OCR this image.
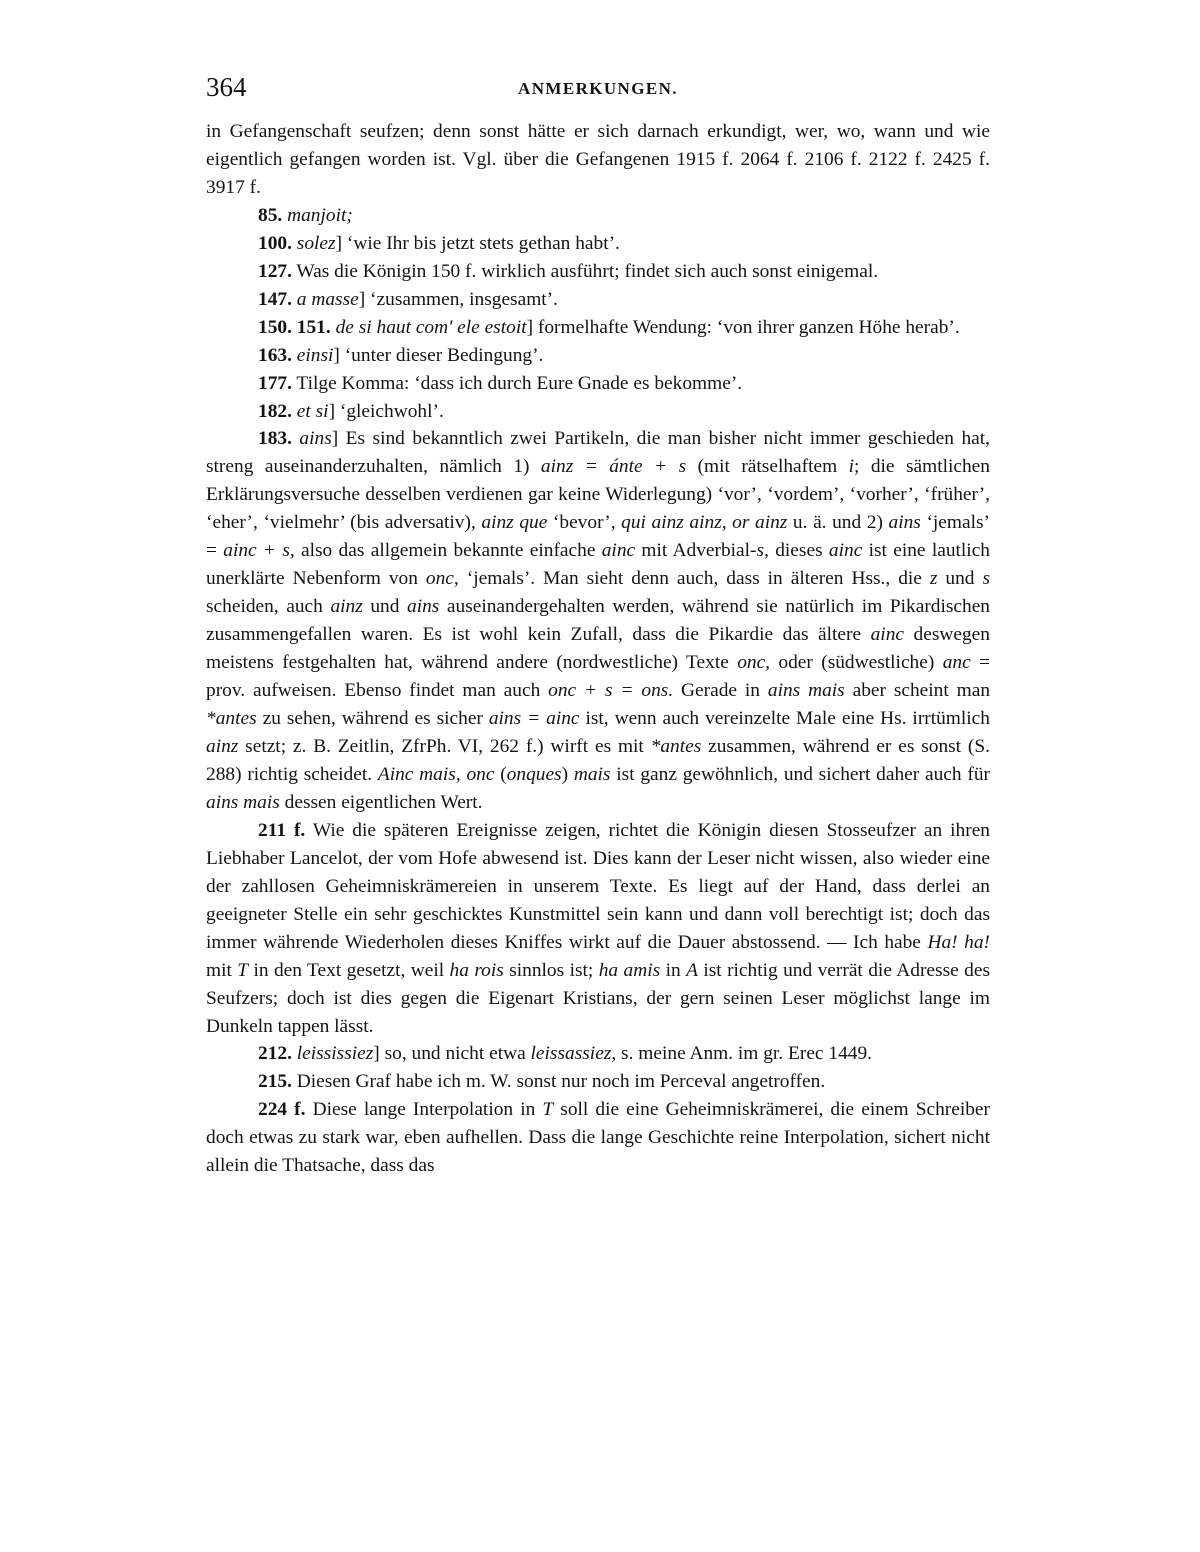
364	ANMERKUNGEN.

in Gefangenschaft seufzen; denn sonst hätte er sich darnach erkundigt, wer, wo, wann und wie eigentlich gefangen worden ist. Vgl. über die Gefangenen 1915 f. 2064 f. 2106 f. 2122 f. 2425 f. 3917 f.

85. manjoit;

100. solez] ‘wie Ihr bis jetzt stets gethan habt’.

127. Was die Königin 150 f. wirklich ausführt; findet sich auch sonst einigemal.

147. a masse] ‘zusammen, insgesamt’.

150. 151. de si haut com' ele estoit] formelhafte Wendung: ‘von ihrer ganzen Höhe herab’.

163. einsi] ‘unter dieser Bedingung’.

177. Tilge Komma: ‘dass ich durch Eure Gnade es bekomme’.

182. et si] ‘gleichwohl’.

183. ains] Es sind bekanntlich zwei Partikeln, die man bisher nicht immer geschieden hat, streng auseinanderzuhalten, nämlich 1) ainz = ánte + s (mit rätselhaftem i; die sämtlichen Erklärungsversuche desselben verdienen gar keine Widerlegung) ‘vor’, ‘vordem’, ‘vorher’, ‘früher’, ‘eher’, ‘vielmehr’ (bis adversativ), ainz que ‘bevor’, qui ainz ainz, or ainz u. ä. und 2) ains ‘jemals’ = ainc + s, also das allgemein bekannte einfache ainc mit Adverbial-s, dieses ainc ist eine lautlich unerklärte Nebenform von onc, ‘jemals’. Man sieht denn auch, dass in älteren Hss., die z und s scheiden, auch ainz und ains auseinandergehalten werden, während sie natürlich im Pikardischen zusammengefallen waren. Es ist wohl kein Zufall, dass die Pikardie das ältere ainc deswegen meistens festgehalten hat, während andere (nordwestliche) Texte onc, oder (südwestliche) anc = prov. aufweisen. Ebenso findet man auch onc + s = ons. Gerade in ains mais aber scheint man *antes zu sehen, während es sicher ains = ainc ist, wenn auch vereinzelte Male eine Hs. irrtümlich ainz setzt; z. B. Zeitlin, ZfrPh. VI, 262 f.) wirft es mit *antes zusammen, während er es sonst (S. 288) richtig scheidet. Ainc mais, onc (onques) mais ist ganz gewöhnlich, und sichert daher auch für ains mais dessen eigentlichen Wert.

211 f. Wie die späteren Ereignisse zeigen, richtet die Königin diesen Stosseufzer an ihren Liebhaber Lancelot, der vom Hofe abwesend ist. Dies kann der Leser nicht wissen, also wieder eine der zahllosen Geheimniskrämereien in unserem Texte. Es liegt auf der Hand, dass derlei an geeigneter Stelle ein sehr geschicktes Kunstmittel sein kann und dann voll berechtigt ist; doch das immer währende Wiederholen dieses Kniffes wirkt auf die Dauer abstossend. — Ich habe Ha! ha! mit T in den Text gesetzt, weil ha rois sinnlos ist; ha amis in A ist richtig und verrät die Adresse des Seufzers; doch ist dies gegen die Eigenart Kristians, der gern seinen Leser möglichst lange im Dunkeln tappen lässt.

212. leississiez] so, und nicht etwa leissassiez, s. meine Anm. im gr. Erec 1449.

215. Diesen Graf habe ich m. W. sonst nur noch im Perceval angetroffen.

224 f. Diese lange Interpolation in T soll die eine Geheimniskrämerei, die einem Schreiber doch etwas zu stark war, eben aufhellen. Dass die lange Geschichte reine Interpolation, sichert nicht allein die Thatsache, dass das
